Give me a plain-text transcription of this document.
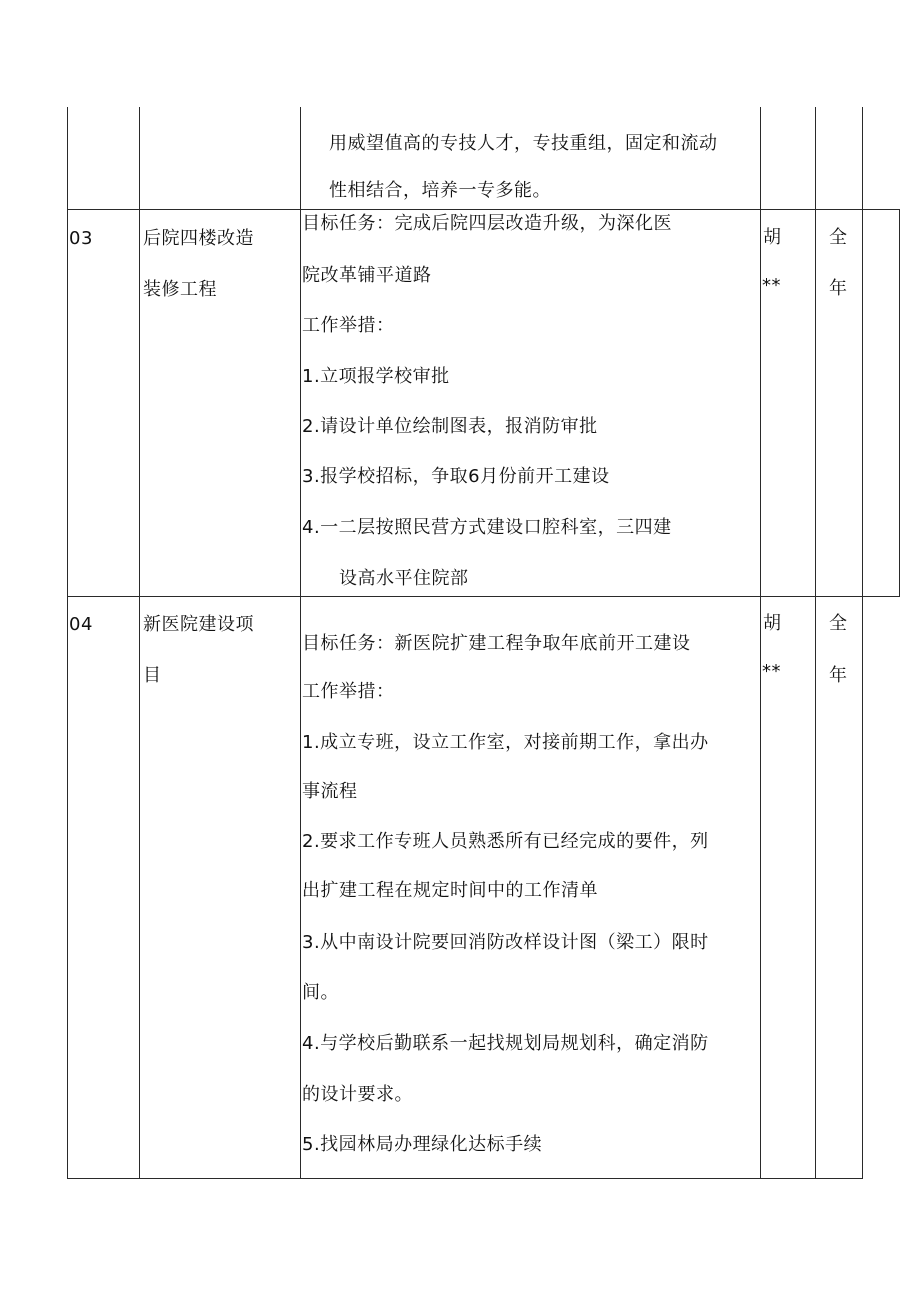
用威望值高的专技人才，专技重组，固定和流动
性相结合，培养一专多能。
03	后院四楼改造
装修工程
目标任务：完成后院四层改造升级，为深化医
院改革铺平道路
工作举措：
1.立项报学校审批
2.请设计单位绘制图表，报消防审批
3.报学校招标，争取6月份前开工建设
4.一二层按照民营方式建设口腔科室，三四建
设高水平住院部
胡
**
全
年
04	新医院建设项
目
目标任务：新医院扩建工程争取年底前开工建设
工作举措：
1.成立专班，设立工作室，对接前期工作，拿出办
事流程
2.要求工作专班人员熟悉所有已经完成的要件，列
出扩建工程在规定时间中的工作清单
3.从中南设计院要回消防改样设计图（梁工）限时
间。
4.与学校后勤联系一起找规划局规划科，确定消防
的设计要求。
5.找园林局办理绿化达标手续
胡
**
全
年
